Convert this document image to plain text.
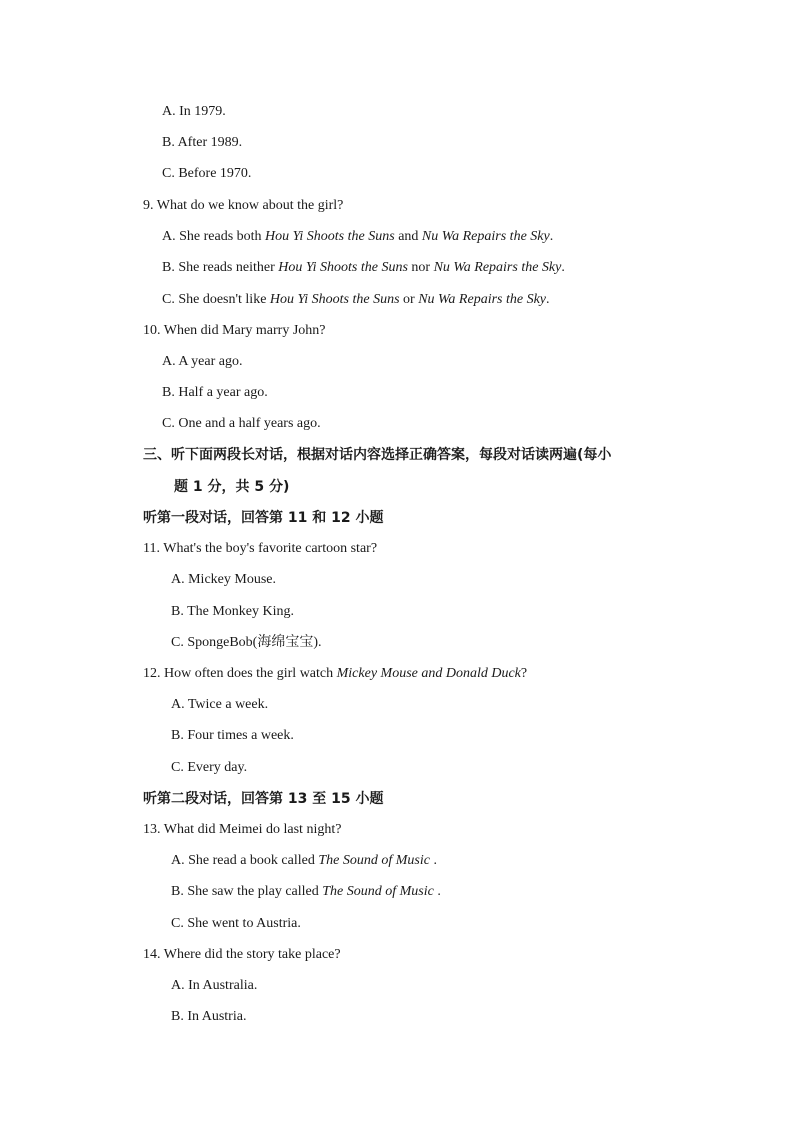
A. In 1979.
B. After 1989.
C. Before 1970.
9. What do we know about the girl?
A. She reads both Hou Yi Shoots the Suns and Nu Wa Repairs the Sky.
B. She reads neither Hou Yi Shoots the Suns nor Nu Wa Repairs the Sky.
C. She doesn't like Hou Yi Shoots the Suns or Nu Wa Repairs the Sky.
10. When did Mary marry John?
A. A year ago.
B. Half a year ago.
C. One and a half years ago.
三、听下面两段长对话，根据对话内容选择正确答案，每段对话读两遍(每小
题 1 分，共 5 分)
听第一段对话，回答第 11 和 12 小题
11. What's the boy's favorite cartoon star?
A. Mickey Mouse.
B. The Monkey King.
C. SpongeBob(海绵宝宝).
12. How often does the girl watch Mickey Mouse and Donald Duck?
A. Twice a week.
B. Four times a week.
C. Every day.
听第二段对话，回答第 13 至 15 小题
13. What did Meimei do last night?
A. She read a book called The Sound of Music .
B. She saw the play called The Sound of Music .
C. She went to Austria.
14. Where did the story take place?
A. In Australia.
B. In Austria.
